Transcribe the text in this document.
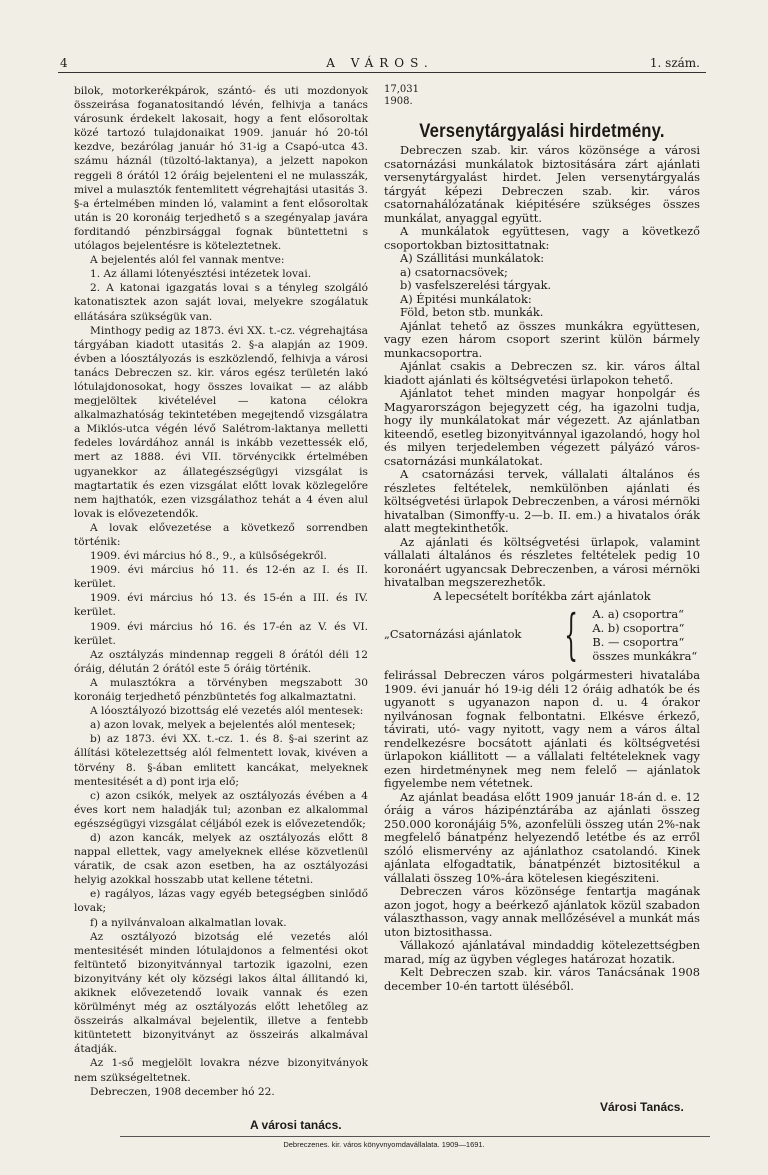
4	A VÁROS.	1. szám.

bilok, motorkerékpárok, szántó- és uti mozdonyok összeirása foganatositandó lévén, felhivja a tanács városunk érdekelt lakosait, hogy a fent elősoroltak közé tartozó tulajdonaikat 1909. január hó 20-tól kezdve, bezárólag január hó 31-ig a Csapó-utca 43. számu háznál (tüzoltó-laktanya), a jelzett napokon reggeli 8 órától 12 óráig bejelenteni el ne mulasszák, mivel a mulasztók fentemlitett végrehajtási utasitás 3. §-a értelmében minden ló, valamint a fent elősoroltak után is 20 koronáig terjedhető s a szegényalap javára forditandó pénzbirsággal fognak büntettetni s utólagos bejelentésre is köteleztetnek.

A bejelentés alól fel vannak mentve:

1. Az állami lótenyésztési intézetek lovai.

2. A katonai igazgatás lovai s a tényleg szolgáló katonatisztek azon saját lovai, melyekre szogálatuk ellátására szükségük van.

Minthogy pedig az 1873. évi XX. t.-cz. végrehajtása tárgyában kiadott utasitás 2. §-a alapján az 1909. évben a lóosztályozás is eszközlendő, felhivja a városi tanács Debreczen sz. kir. város egész területén lakó lótulajdonosokat, hogy összes lovaikat — az alább megjelöltek kivételével — katona célokra alkalmazhatóság tekintetében megejtendő vizsgálatra a Miklós-utca végén lévő Salétrom-laktanya melletti fedeles lovárdához annál is inkább vezettessék elő, mert az 1888. évi VII. törvénycikk értelmében ugyanekkor az állategészségügyi vizsgálat is magtartatik és ezen vizsgálat előtt lovak közlegelőre nem hajthatók, ezen vizsgálathoz tehát a 4 éven alul lovak is elővezetendők.

A lovak elővezetése a következő sorrendben történik:

1909. évi március hó 8., 9., a külsőségekről.

1909. évi március hó 11. és 12-én az I. és II. kerület.

1909. évi március hó 13. és 15-én a III. és IV. kerület.

1909. évi március hó 16. és 17-én az V. és VI. kerület.

Az osztályzás mindennap reggeli 8 órától déli 12 óráig, délután 2 órától este 5 óráig történik.

A mulasztókra a törvényben megszabott 30 koronáig terjedhető pénzbüntetés fog alkalmaztatni.

A lóosztályozó bizottság elé vezetés alól mentesek:

a) azon lovak, melyek a bejelentés alól mentesek;

b) az 1873. évi XX. t.-cz. 1. és 8. §-ai szerint az állítási kötelezettség alól felmentett lovak, kivéven a törvény 8. §-ában emlitett kancákat, melyeknek mentesitését a d) pont irja elő;

c) azon csikók, melyek az osztályozás évében a 4 éves kort nem haladják tul; azonban ez alkalommal egészségügyi vizsgálat céljából ezek is elővezetendők;

d) azon kancák, melyek az osztályozás előtt 8 nappal ellettek, vagy amelyeknek ellése közvetlenül váratik, de csak azon esetben, ha az osztályozási helyig azokkal hosszabb utat kellene tétetni.

e) ragályos, lázas vagy egyéb betegségben sinlődő lovak;

f) a nyilvánvaloan alkalmatlan lovak.

Az osztályozó bizotság elé vezetés alól mentesitését minden lótulajdonos a felmentési okot feltüntető bizonyitvánnyal tartozik igazolni, ezen bizonyitvány két oly községi lakos által állitandó ki, akiknek elővezetendő lovaik vannak és ezen körülményt még az osztályozás előtt lehetőleg az összeirás alkalmával bejelentik, illetve a fentebb kitüntetett bizonyitványt az összeirás alkalmával átadják.

Az 1-ső megjelölt lovakra nézve bizonyitványok nem szükségeltetnek.

Debreczen, 1908 december hó 22.

17,031
1908.

Versenytárgyalási hirdetmény.

Debreczen szab. kir. város közönsége a városi csatornázási munkálatok biztositására zárt ajánlati versenytárgyalást hirdet. Jelen versenytárgyalás tárgyát képezi Debreczen szab. kir. város csatornahálózatának kiépitésére szükséges összes munkálat, anyaggal együtt.

A munkálatok együttesen, vagy a következő csoportokban biztosittatnak:

A) Szállitási munkálatok:

a) csatornacsövek;

b) vasfelszerelési tárgyak.

A) Épitési munkálatok:

Föld, beton stb. munkák.

Ajánlat tehető az összes munkákra együttesen, vagy ezen három csoport szerint külön bármely munkacsoportra.

Ajánlat csakis a Debreczen sz. kir. város által kiadott ajánlati és költségvetési ürlapokon tehető.

Ajánlatot tehet minden magyar honpolgár és Magyarországon bejegyzett cég, ha igazolni tudja, hogy ily munkálatokat már végezett. Az ajánlatban kiteendő, esetleg bizonyitvánnyal igazolandó, hogy hol és milyen terjedelemben végezett pályázó város-csatornázási munkálatokat.

A csatornázási tervek, vállalati általános és részletes feltételek, nemkülönben ajánlati és költségvetési ürlapok Debreczenben, a városi mérnöki hivatalban (Simonffy-u. 2—b. II. em.) a hivatalos órák alatt megtekinthetők.

Az ajánlati és költségvetési ürlapok, valamint vállalati általános és részletes feltételek pedig 10 koronáért ugyancsak Debreczenben, a városi mérnöki hivatalban megszerezhetők.

A lepecsételt borítékba zárt ajánlatok

„Csatornázási ajánlatok { A. a) csoportra“
A. b) csoportra“
B. — csoportra“
összes munkákra“

felirással Debreczen város polgármesteri hivatalába 1909. évi január hó 19-ig déli 12 óráig adhatók be és ugyanott s ugyanazon napon d. u. 4 órakor nyilvánosan fognak felbontatni. Elkésve érkező, távirati, utó- vagy nyitott, vagy nem a város által rendelkezésre bocsátott ajánlati és költségvetési ürlapokon kiállitott — a vállalati feltételeknek vagy ezen hirdetménynek meg nem felelő — ajánlatok figyelembe nem vétetnek.

Az ajánlat beadása előtt 1909 január 18-án d. e. 12 óráig a város házipénztárába az ajánlati összeg 250.000 koronájáig 5%, azonfelüli összeg után 2%-nak megfelelő bánatpénz helyezendő letétbe és az erről szóló elismervény az ajánlathoz csatolandó. Kinek ajánlata elfogadtatik, bánatpénzét biztositékul a vállalati összeg 10%-ára kötelesen kiegésziteni.

Debreczen város közönsége fentartja magának azon jogot, hogy a beérkező ajánlatok közül szabadon választhasson, vagy annak mellőzésével a munkát más uton biztosithassa.

Vállakozó ajánlatával mindaddig kötelezettségben marad, míg az ügyben végleges határozat hozatik.

Kelt Debreczen szab. kir. város Tanácsának 1908 december 10-én tartott üléséből.

A városi tanács.
Városi Tanács.
Debreczenes. kir. város könyvnyomdavállalata. 1909—1691.
